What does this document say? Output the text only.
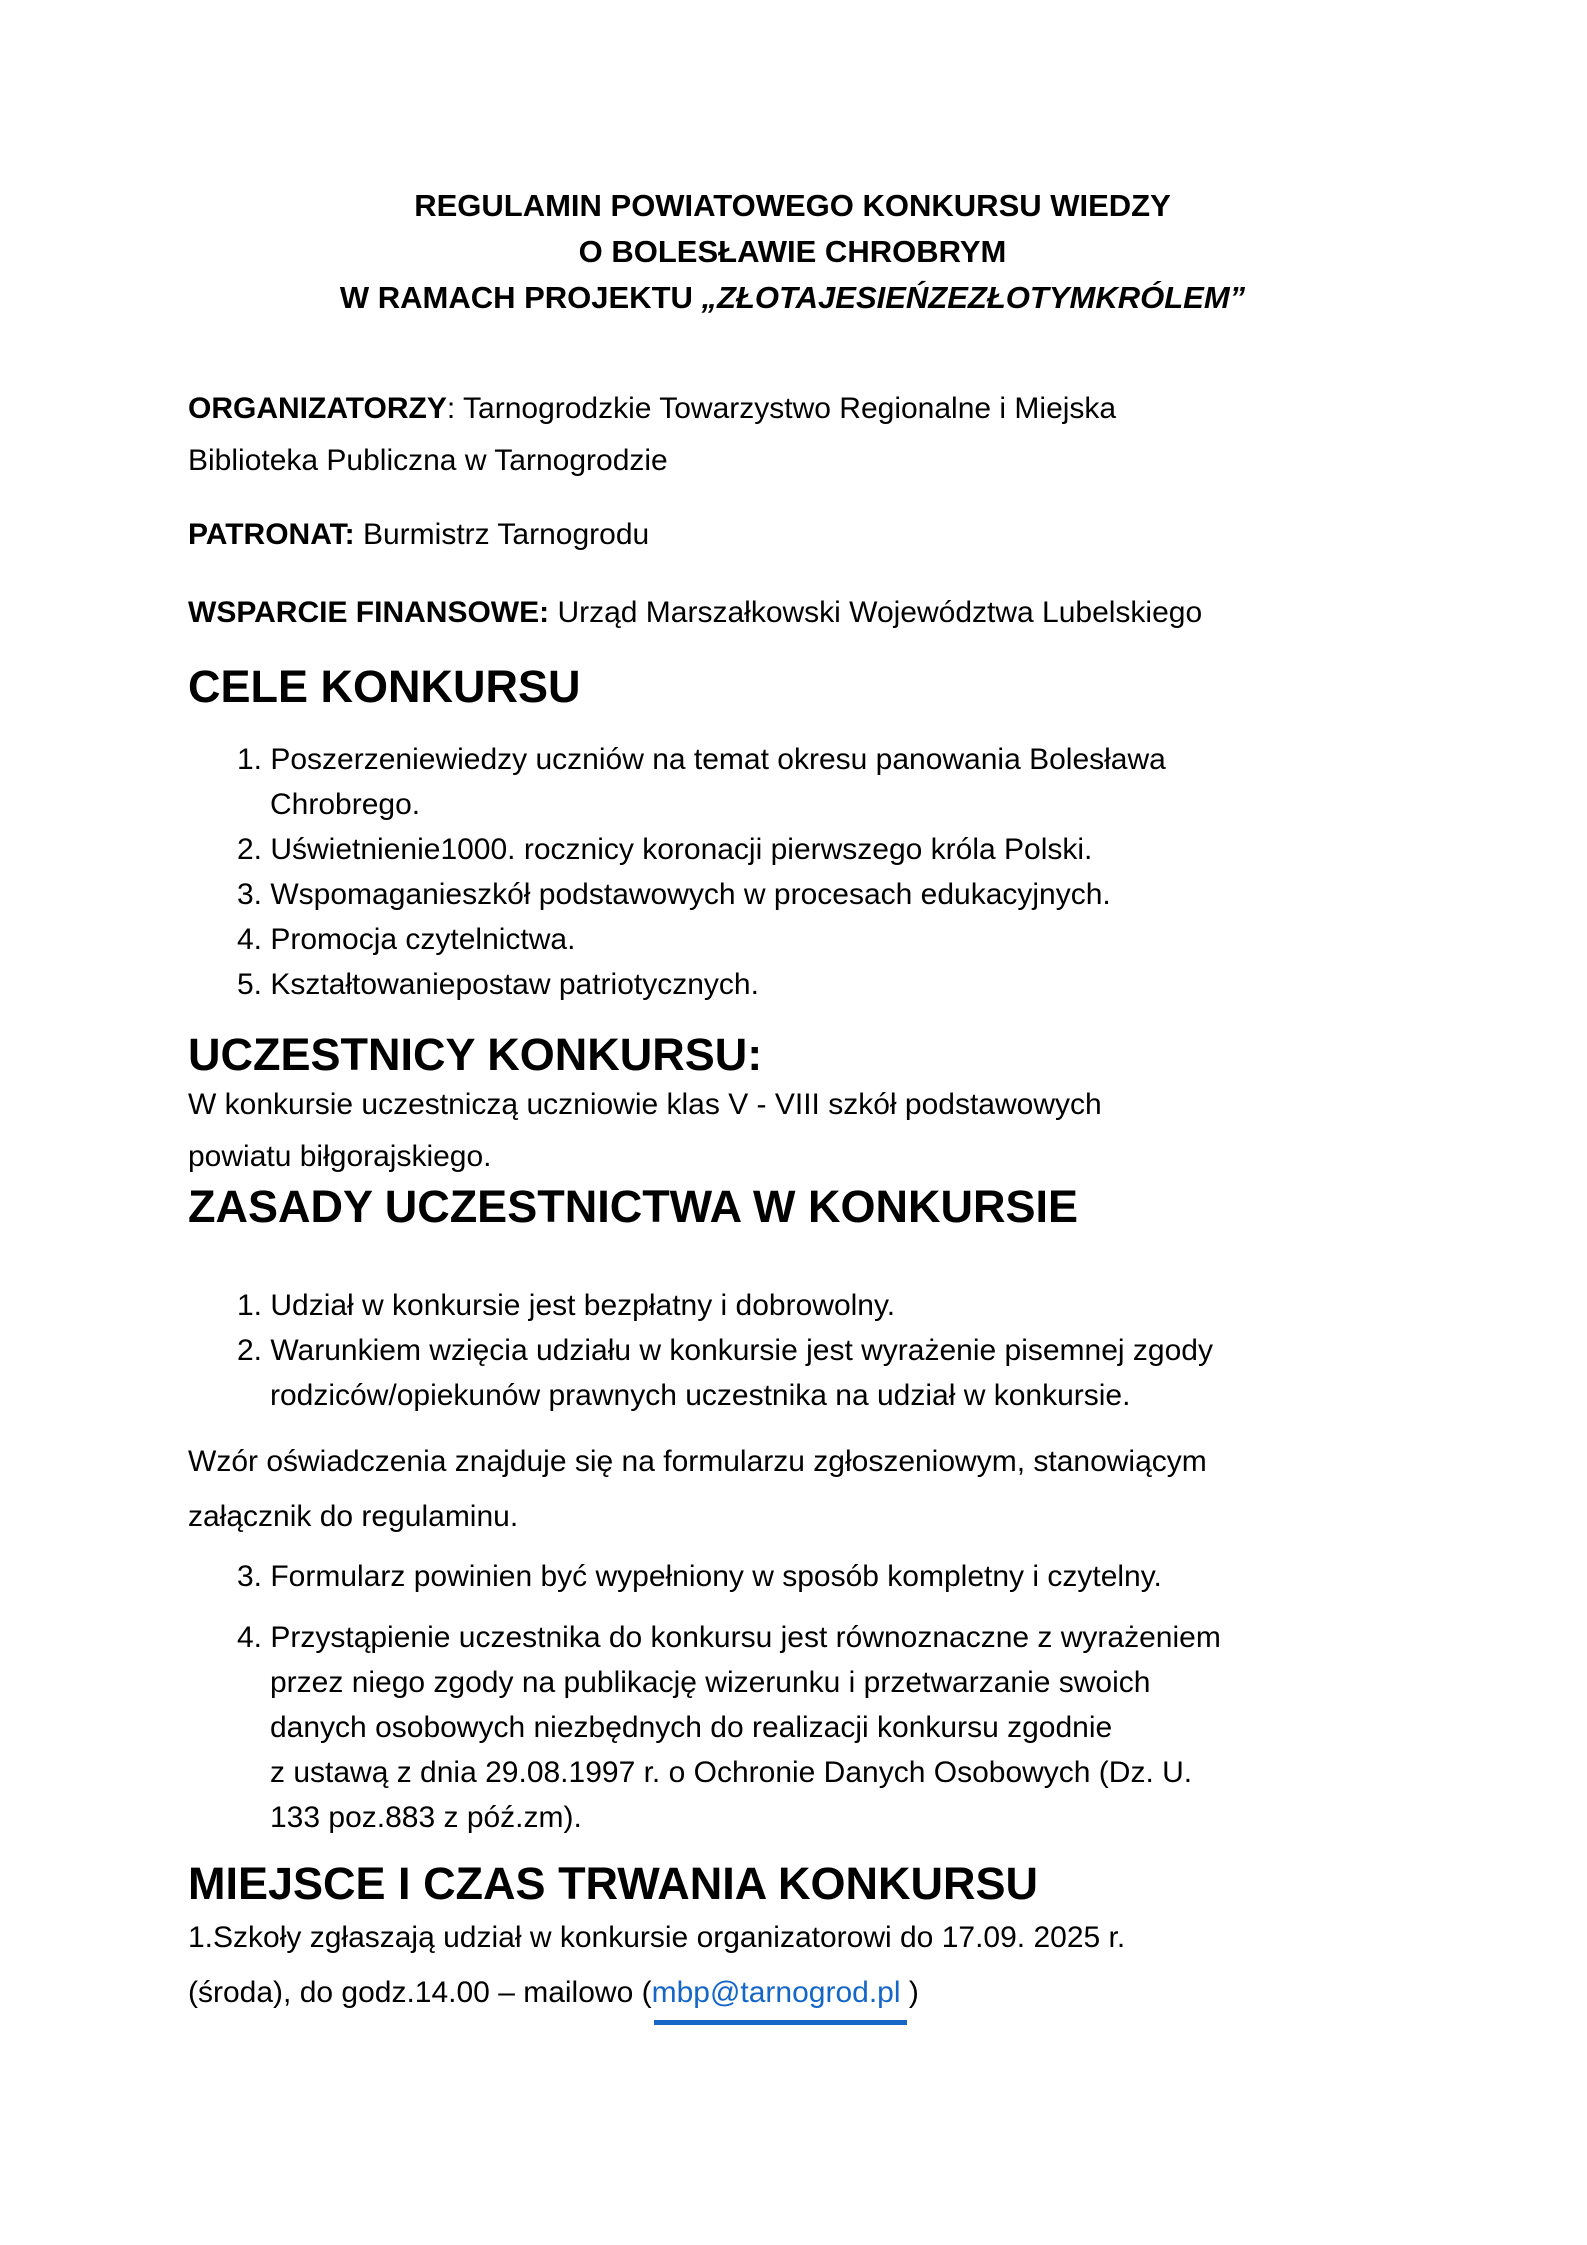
REGULAMIN POWIATOWEGO KONKURSU WIEDZY
O BOLESŁAWIE CHROBRYM
W RAMACH PROJEKTU „ZŁOTAJESIEŃZEZŁOTYMKRÓLEM”

ORGANIZATORZY: Tarnogrodzkie Towarzystwo Regionalne i Miejska
Biblioteka Publiczna w Tarnogrodzie

PATRONAT: Burmistrz Tarnogrodu

WSPARCIE FINANSOWE: Urząd Marszałkowski Województwa Lubelskiego

CELE KONKURSU
1. Poszerzeniewiedzy uczniów na temat okresu panowania Bolesława
Chrobrego.
2. Uświetnienie1000. rocznicy koronacji pierwszego króla Polski.
3. Wspomaganieszkół podstawowych w procesach edukacyjnych.
4. Promocja czytelnictwa.
5. Kształtowaniepostaw patriotycznych.
UCZESTNICY KONKURSU:

W konkursie uczestniczą uczniowie klas V - VIII szkół podstawowych
powiatu biłgorajskiego.

ZASADY UCZESTNICTWA W KONKURSIE
1. Udział w konkursie jest bezpłatny i dobrowolny.
2. Warunkiem wzięcia udziału w konkursie jest wyrażenie pisemnej zgody
rodziców/opiekunów prawnych uczestnika na udział w konkursie.

Wzór oświadczenia znajduje się na formularzu zgłoszeniowym, stanowiącym
załącznik do regulaminu.

3. Formularz powinien być wypełniony w sposób kompletny i czytelny.
4. Przystąpienie uczestnika do konkursu jest równoznaczne z wyrażeniem
przez niego zgody na publikację wizerunku i przetwarzanie swoich
danych osobowych niezbędnych do realizacji konkursu zgodnie
z ustawą z dnia 29.08.1997 r. o Ochronie Danych Osobowych (Dz. U.
133 poz.883 z póź.zm).
MIEJSCE I CZAS TRWANIA KONKURSU

1.Szkoły zgłaszają udział w konkursie organizatorowi do 17.09. 2025 r.
(środa), do godz.14.00 – mailowo (mbp@tarnogrod.pl )
